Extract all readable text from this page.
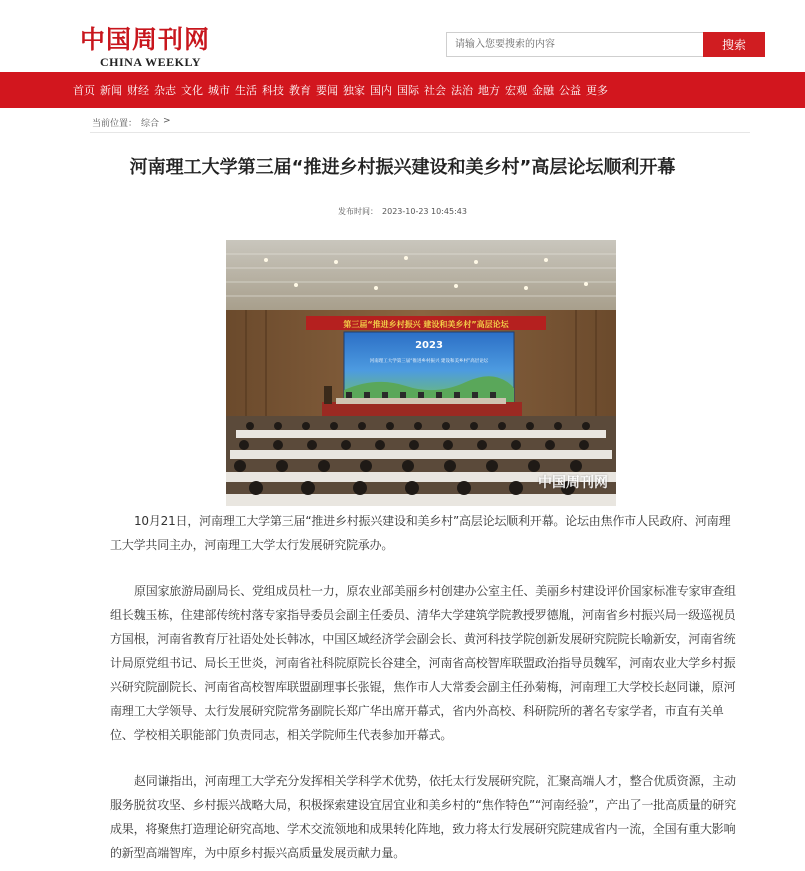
中国周刊网
CHINA WEEKLY
请输入您要搜索的内容
搜索
首页 新闻 财经 杂志 文化 城市 生活 科技 教育 要闻 独家 国内 国际 社会 法治 地方 宏观 金融 公益 更多
当前位置： 综合 >
河南理工大学第三届“推进乡村振兴建设和美乡村”高层论坛顺利开幕
发布时间： 2023-10-23 10:45:43
第三届“推进乡村振兴 建设和美乡村”高层论坛
2023
河南理工大学第三届“推进乡村振兴 建设和美乡村”高层论坛
中国周刊网

10月21日，河南理工大学第三届“推进乡村振兴建设和美乡村”高层论坛顺利开幕。论坛由焦作市人民政府、河南理工大学共同主办，河南理工大学太行发展研究院承办。

原国家旅游局副局长、党组成员杜一力，原农业部美丽乡村创建办公室主任、美丽乡村建设评价国家标准专家审查组组长魏玉栋，住建部传统村落专家指导委员会副主任委员、清华大学建筑学院教授罗德胤，河南省乡村振兴局一级巡视员方国根，河南省教育厅社语处处长韩冰，中国区域经济学会副会长、黄河科技学院创新发展研究院院长喻新安，河南省统计局原党组书记、局长王世炎，河南省社科院原院长谷建全，河南省高校智库联盟政治指导员魏军，河南农业大学乡村振兴研究院副院长、河南省高校智库联盟副理事长张锟，焦作市人大常委会副主任孙菊梅，河南理工大学校长赵同谦，原河南理工大学领导、太行发展研究院常务副院长郑广华出席开幕式，省内外高校、科研院所的著名专家学者，市直有关单位、学校相关职能部门负责同志，相关学院师生代表参加开幕式。

赵同谦指出，河南理工大学充分发挥相关学科学术优势，依托太行发展研究院，汇聚高端人才，整合优质资源，主动服务脱贫攻坚、乡村振兴战略大局，积极探索建设宜居宜业和美乡村的“焦作特色”“河南经验”，产出了一批高质量的研究成果，将聚焦打造理论研究高地、学术交流领地和成果转化阵地，致力将太行发展研究院建成省内一流，全国有重大影响的新型高端智库，为中原乡村振兴高质量发展贡献力量。
